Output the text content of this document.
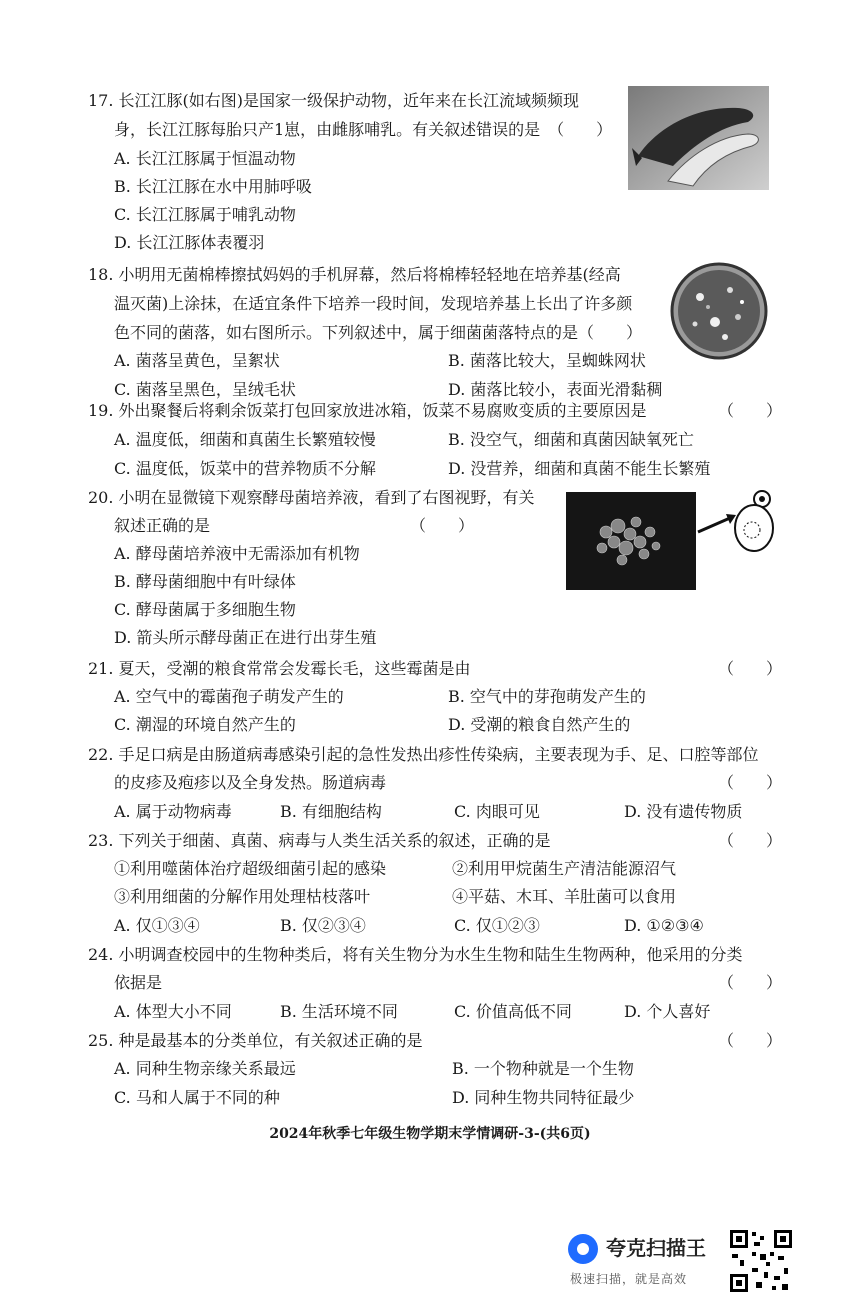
17. 长江江豚(如右图)是国家一级保护动物，近年来在长江流域频频现
身，长江江豚每胎只产1崽，由雌豚哺乳。有关叙述错误的是　（　　）
A. 长江江豚属于恒温动物
B. 长江江豚在水中用肺呼吸
C. 长江江豚属于哺乳动物
D. 长江江豚体表覆羽
18. 小明用无菌棉棒擦拭妈妈的手机屏幕，然后将棉棒轻轻地在培养基(经高
温灭菌)上涂抹，在适宜条件下培养一段时间，发现培养基上长出了许多颜
色不同的菌落，如右图所示。下列叙述中，属于细菌菌落特点的是（　　）
A. 菌落呈黄色，呈絮状	B. 菌落比较大，呈蜘蛛网状
C. 菌落呈黑色，呈绒毛状	D. 菌落比较小，表面光滑黏稠
19. 外出聚餐后将剩余饭菜打包回家放进冰箱，饭菜不易腐败变质的主要原因是	（　　）
A. 温度低，细菌和真菌生长繁殖较慢	B. 没空气，细菌和真菌因缺氧死亡
C. 温度低，饭菜中的营养物质不分解	D. 没营养，细菌和真菌不能生长繁殖
20. 小明在显微镜下观察酵母菌培养液，看到了右图视野，有关
叙述正确的是　　　　　　　　　　　　　（　　）
A. 酵母菌培养液中无需添加有机物
B. 酵母菌细胞中有叶绿体
C. 酵母菌属于多细胞生物
D. 箭头所示酵母菌正在进行出芽生殖
21. 夏天，受潮的粮食常常会发霉长毛，这些霉菌是由	（　　）
A. 空气中的霉菌孢子萌发产生的	B. 空气中的芽孢萌发产生的
C. 潮湿的环境自然产生的	D. 受潮的粮食自然产生的
22. 手足口病是由肠道病毒感染引起的急性发热出疹性传染病，主要表现为手、足、口腔等部位
的皮疹及疱疹以及全身发热。肠道病毒	（　　）
A. 属于动物病毒	B. 有细胞结构	C. 肉眼可见	D. 没有遗传物质
23. 下列关于细菌、真菌、病毒与人类生活关系的叙述，正确的是	（　　）
①利用噬菌体治疗超级细菌引起的感染	②利用甲烷菌生产清洁能源沼气
③利用细菌的分解作用处理枯枝落叶	④平菇、木耳、羊肚菌可以食用
A. 仅①③④	B. 仅②③④	C. 仅①②③	D. ①②③④
24. 小明调查校园中的生物种类后，将有关生物分为水生生物和陆生生物两种，他采用的分类
依据是	（　　）
A. 体型大小不同	B. 生活环境不同	C. 价值高低不同	D. 个人喜好
25. 种是最基本的分类单位，有关叙述正确的是	（　　）
A. 同种生物亲缘关系最远	B. 一个物种就是一个生物
C. 马和人属于不同的种	D. 同种生物共同特征最少
2024年秋季七年级生物学期末学情调研-3-(共6页)
夸克扫描王
极速扫描，就是高效
